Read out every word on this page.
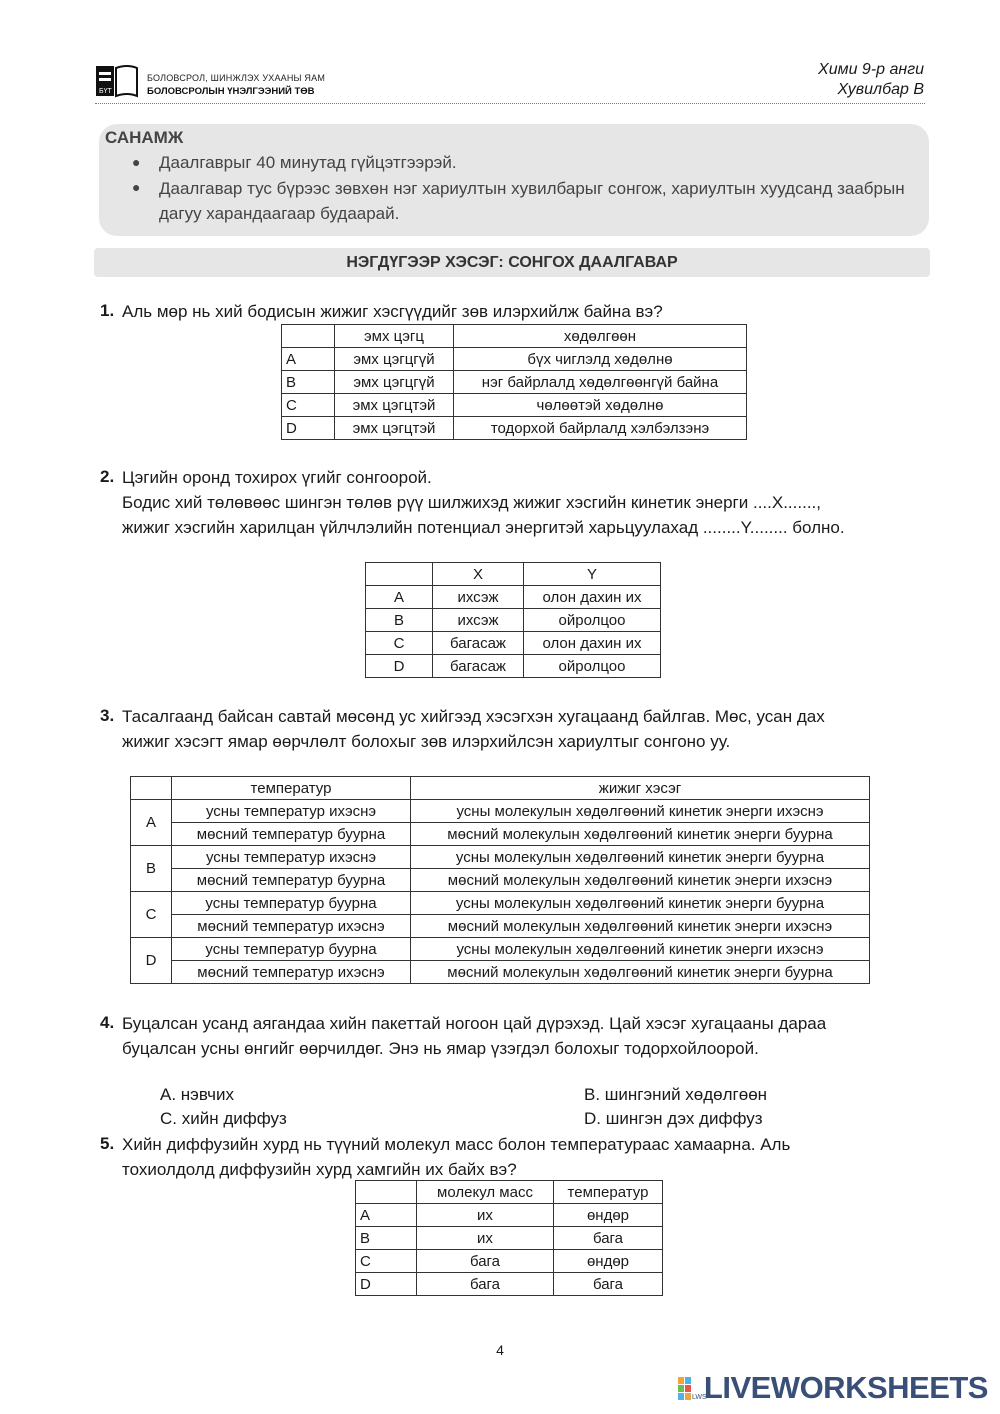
БҮТ
БОЛОВСРОЛ, ШИНЖЛЭХ УХААНЫ ЯАМ
БОЛОВСРОЛЫН ҮНЭЛГЭЭНИЙ ТӨВ
Хими 9-р анги
Хувилбар B
САНАМЖ
● Даалгаврыг 40 минутад гүйцэтгээрэй.
● Даалгавар тус бүрээс зөвхөн нэг хариултын хувилбарыг сонгож, хариултын хуудсанд заабрын дагуу харандаагаар будаарай.
НЭГДҮГЭЭР ХЭСЭГ: СОНГОХ ДААЛГАВАР
1. Аль мөр нь хий бодисын жижиг хэсгүүдийг зөв илэрхийлж байна вэ?
	эмх цэгц	хөдөлгөөн
A	эмх цэгцгүй	бүх чиглэлд хөдөлнө
B	эмх цэгцгүй	нэг байрлалд хөдөлгөөнгүй байна
C	эмх цэгцтэй	чөлөөтэй хөдөлнө
D	эмх цэгцтэй	тодорхой байрлалд хэлбэлзэнэ
2. Цэгийн оронд тохирох үгийг сонгоорой.
Бодис хий төлөвөөс шингэн төлөв рүү шилжихэд жижиг хэсгийн кинетик энерги ....X.......,
жижиг хэсгийн харилцан үйлчлэлийн потенциал энергитэй харьцуулахад ........Y........ болно.
	X	Y
A	ихсэж	олон дахин их
B	ихсэж	ойролцоо
C	багасаж	олон дахин их
D	багасаж	ойролцоо
3. Тасалгаанд байсан савтай мөсөнд ус хийгээд хэсэгхэн хугацаанд байлгав. Мөс, усан дах
жижиг хэсэгт ямар өөрчлөлт болохыг зөв илэрхийлсэн хариултыг сонгоно уу.
	температур	жижиг хэсэг
A	усны температур ихэснэ	усны молекулын хөдөлгөөний кинетик энерги ихэснэ
	мөсний температур буурна	мөсний молекулын хөдөлгөөний кинетик энерги буурна
B	усны температур ихэснэ	усны молекулын хөдөлгөөний кинетик энерги буурна
	мөсний температур буурна	мөсний молекулын хөдөлгөөний кинетик энерги ихэснэ
C	усны температур буурна	усны молекулын хөдөлгөөний кинетик энерги буурна
	мөсний температур ихэснэ	мөсний молекулын хөдөлгөөний кинетик энерги ихэснэ
D	усны температур буурна	усны молекулын хөдөлгөөний кинетик энерги ихэснэ
	мөсний температур ихэснэ	мөсний молекулын хөдөлгөөний кинетик энерги буурна
4. Буцалсан усанд аягандаа хийн пакеттай ногоон цай дүрэхэд. Цай хэсэг хугацааны дараа
буцалсан усны өнгийг өөрчилдөг. Энэ нь ямар үзэгдэл болохыг тодорхойлоорой.
A. нэвчих	B. шингэний хөдөлгөөн
C. хийн диффуз	D. шингэн дэх диффуз
5. Хийн диффузийн хурд нь түүний молекул масс болон температураас хамаарна. Аль
тохиолдолд диффузийн хурд хамгийн их байх вэ?
	молекул масс	температур
A	их	өндөр
B	их	бага
C	бага	өндөр
D	бага	бага
4
LWS
LIVEWORKSHEETS
